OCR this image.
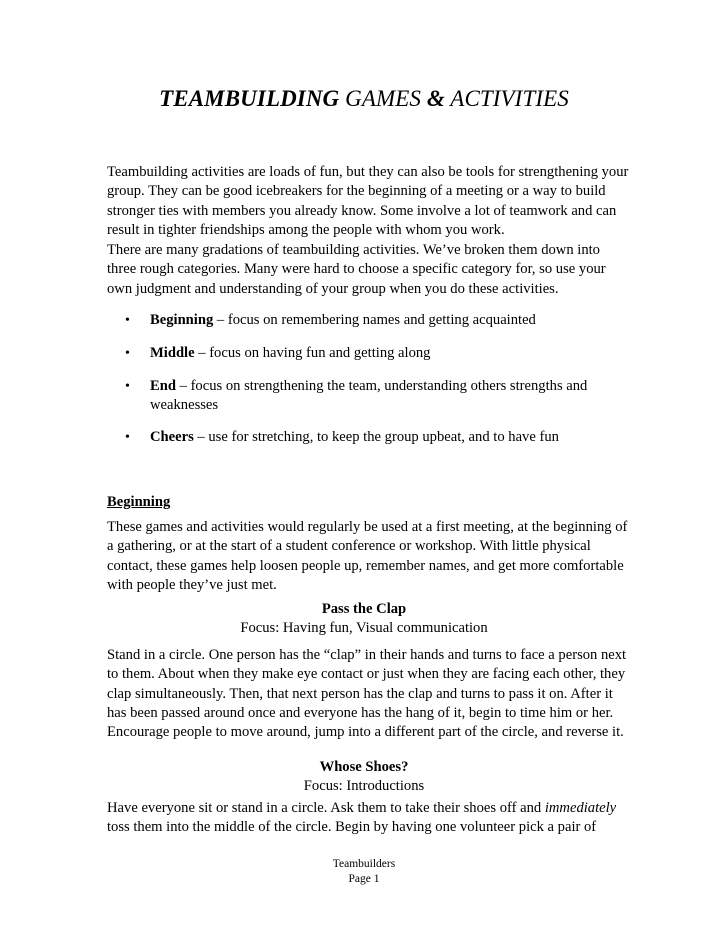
TEAMBUILDING GAMES & ACTIVITIES

Teambuilding activities are loads of fun, but they can also be tools for strengthening your
group. They can be good icebreakers for the beginning of a meeting or a way to build
stronger ties with members you already know. Some involve a lot of teamwork and can
result in tighter friendships among the people with whom you work.

There are many gradations of teambuilding activities. We’ve broken them down into
three rough categories. Many were hard to choose a specific category for, so use your
own judgment and understanding of your group when you do these activities.

•	Beginning – focus on remembering names and getting acquainted
•	Middle – focus on having fun and getting along
•	End – focus on strengthening the team, understanding others strengths and
weaknesses
•	Cheers – use for stretching, to keep the group upbeat, and to have fun
Beginning

These games and activities would regularly be used at a first meeting, at the beginning of
a gathering, or at the start of a student conference or workshop. With little physical
contact, these games help loosen people up, remember names, and get more comfortable
with people they’ve just met.

Pass the Clap
Focus: Having fun, Visual communication

Stand in a circle. One person has the “clap” in their hands and turns to face a person next
to them. About when they make eye contact or just when they are facing each other, they
clap simultaneously. Then, that next person has the clap and turns to pass it on. After it
has been passed around once and everyone has the hang of it, begin to time him or her.
Encourage people to move around, jump into a different part of the circle, and reverse it.

Whose Shoes?
Focus: Introductions

Have everyone sit or stand in a circle. Ask them to take their shoes off and immediately
toss them into the middle of the circle. Begin by having one volunteer pick a pair of

Teambuilders
Page 1
